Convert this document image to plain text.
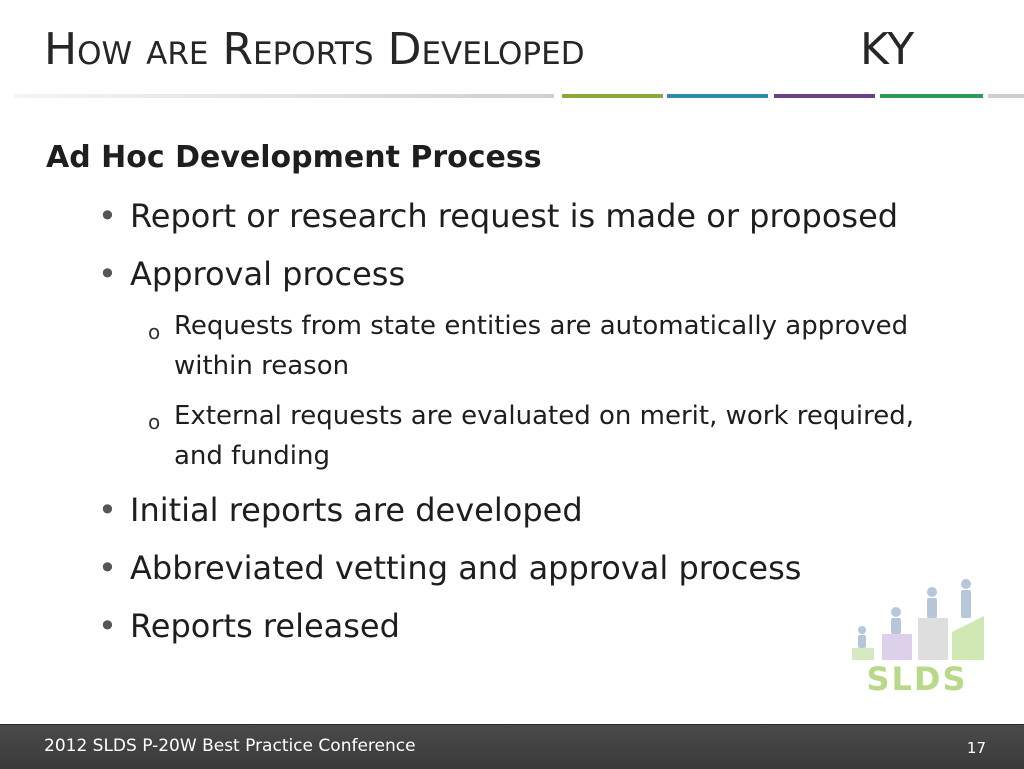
How are Reports Developed	KY
Ad Hoc Development Process
• Report or research request is made or proposed
• Approval process
o Requests from state entities are automatically approved
within reason
o External requests are evaluated on merit, work required,
and funding
• Initial reports are developed
• Abbreviated vetting and approval process
• Reports released
SLDS
2012 SLDS P-20W Best Practice Conference	17
